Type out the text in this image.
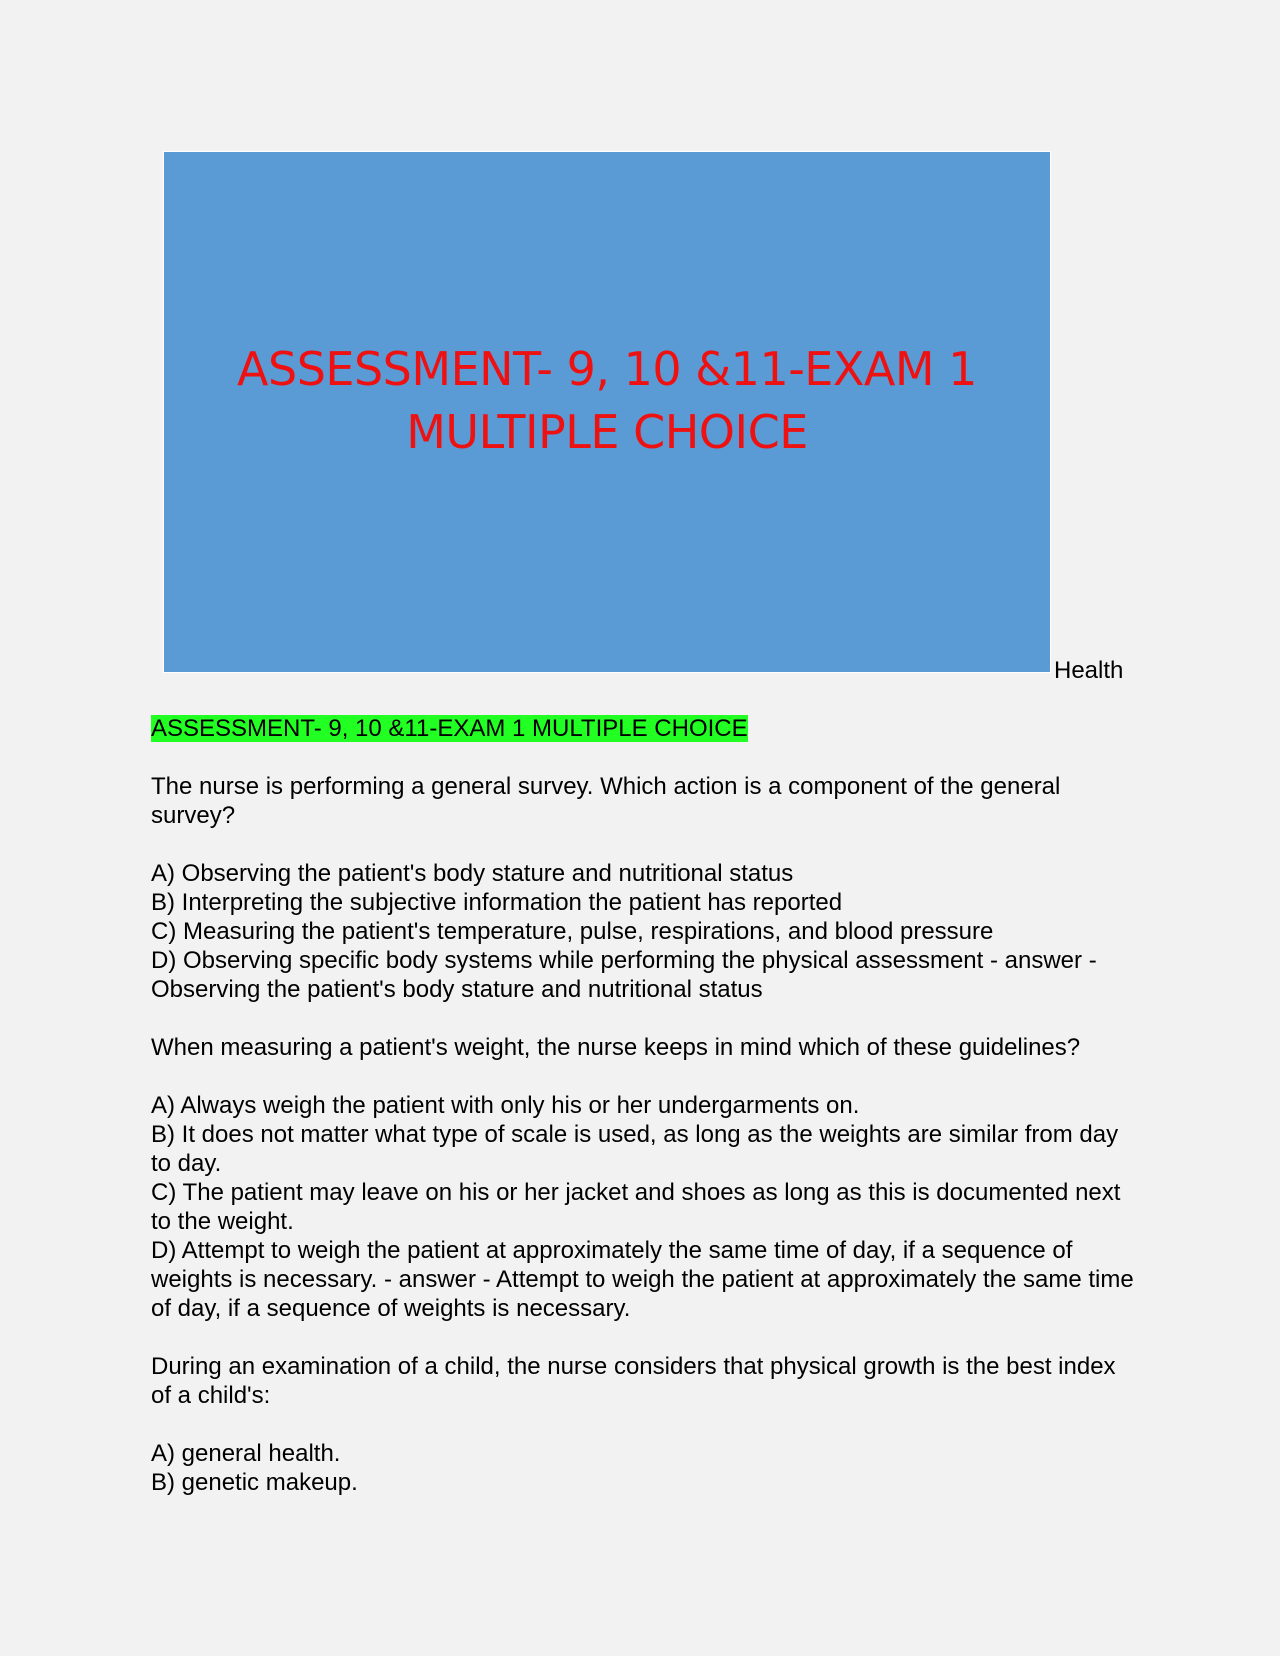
ASSESSMENT- 9, 10 &11-EXAM 1
MULTIPLE CHOICE
Health

ASSESSMENT- 9, 10 &11-EXAM 1 MULTIPLE CHOICE

The nurse is performing a general survey. Which action is a component of the general survey?

A) Observing the patient's body stature and nutritional status

B) Interpreting the subjective information the patient has reported

C) Measuring the patient's temperature, pulse, respirations, and blood pressure

D) Observing specific body systems while performing the physical assessment - answer - Observing the patient's body stature and nutritional status

When measuring a patient's weight, the nurse keeps in mind which of these guidelines?

A) Always weigh the patient with only his or her undergarments on.

B) It does not matter what type of scale is used, as long as the weights are similar from day to day.

C) The patient may leave on his or her jacket and shoes as long as this is documented next to the weight.

D) Attempt to weigh the patient at approximately the same time of day, if a sequence of weights is necessary. - answer - Attempt to weigh the patient at approximately the same time of day, if a sequence of weights is necessary.

During an examination of a child, the nurse considers that physical growth is the best index of a child's:

A) general health.

B) genetic makeup.
